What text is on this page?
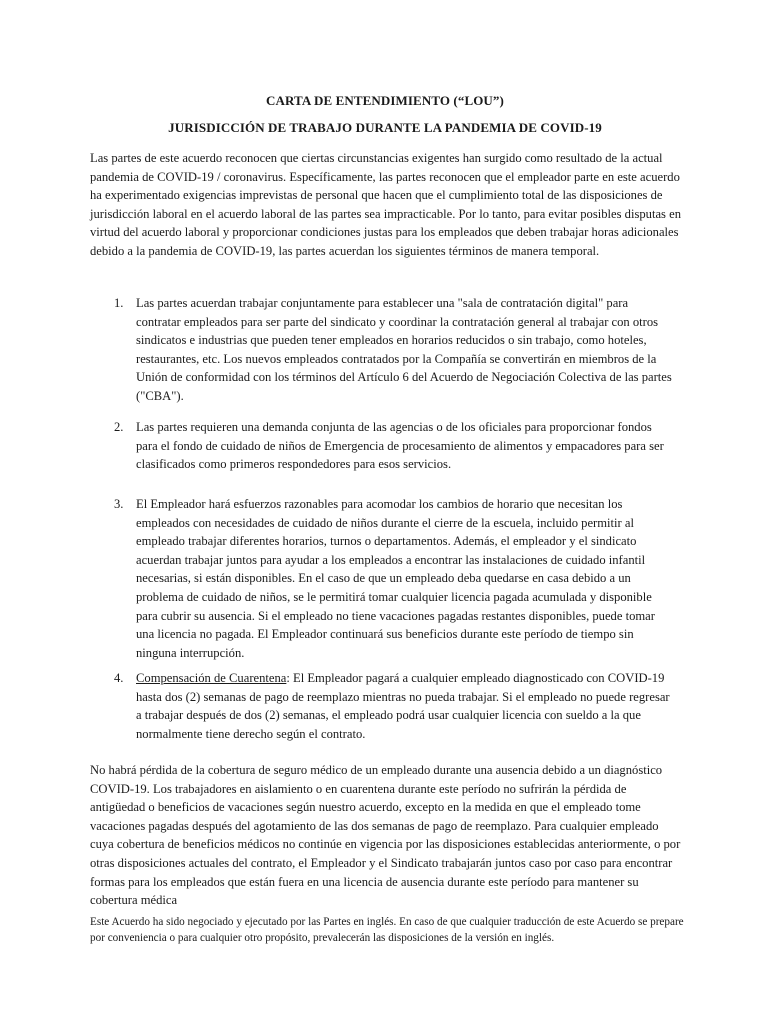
CARTA DE ENTENDIMIENTO (“LOU”)
JURISDICCIÓN DE TRABAJO DURANTE LA PANDEMIA DE COVID-19

Las partes de este acuerdo reconocen que ciertas circunstancias exigentes han surgido como resultado de la actual pandemia de COVID-19 / coronavirus. Específicamente, las partes reconocen que el empleador parte en este acuerdo ha experimentado exigencias imprevistas de personal que hacen que el cumplimiento total de las disposiciones de jurisdicción laboral en el acuerdo laboral de las partes sea impracticable. Por lo tanto, para evitar posibles disputas en virtud del acuerdo laboral y proporcionar condiciones justas para los empleados que deben trabajar horas adicionales debido a la pandemia de COVID-19, las partes acuerdan los siguientes términos de manera temporal.

1. Las partes acuerdan trabajar conjuntamente para establecer una "sala de contratación digital" para contratar empleados para ser parte del sindicato y coordinar la contratación general al trabajar con otros sindicatos e industrias que pueden tener empleados en horarios reducidos o sin trabajo, como hoteles, restaurantes, etc. Los nuevos empleados contratados por la Compañía se convertirán en miembros de la Unión de conformidad con los términos del Artículo 6 del Acuerdo de Negociación Colectiva de las partes ("CBA").
2. Las partes requieren una demanda conjunta de las agencias o de los oficiales para proporcionar fondos para el fondo de cuidado de niños de Emergencia de procesamiento de alimentos y empacadores para ser clasificados como primeros respondedores para esos servicios.
3. El Empleador hará esfuerzos razonables para acomodar los cambios de horario que necesitan los empleados con necesidades de cuidado de niños durante el cierre de la escuela, incluido permitir al empleado trabajar diferentes horarios, turnos o departamentos. Además, el empleador y el sindicato acuerdan trabajar juntos para ayudar a los empleados a encontrar las instalaciones de cuidado infantil necesarias, si están disponibles. En el caso de que un empleado deba quedarse en casa debido a un problema de cuidado de niños, se le permitirá tomar cualquier licencia pagada acumulada y disponible para cubrir su ausencia. Si el empleado no tiene vacaciones pagadas restantes disponibles, puede tomar una licencia no pagada. El Empleador continuará sus beneficios durante este período de tiempo sin ninguna interrupción.
4. Compensación de Cuarentena: El Empleador pagará a cualquier empleado diagnosticado con COVID-19 hasta dos (2) semanas de pago de reemplazo mientras no pueda trabajar. Si el empleado no puede regresar a trabajar después de dos (2) semanas, el empleado podrá usar cualquier licencia con sueldo a la que normalmente tiene derecho según el contrato.

No habrá pérdida de la cobertura de seguro médico de un empleado durante una ausencia debido a un diagnóstico COVID-19. Los trabajadores en aislamiento o en cuarentena durante este período no sufrirán la pérdida de antigüedad o beneficios de vacaciones según nuestro acuerdo, excepto en la medida en que el empleado tome vacaciones pagadas después del agotamiento de las dos semanas de pago de reemplazo. Para cualquier empleado cuya cobertura de beneficios médicos no continúe en vigencia por las disposiciones establecidas anteriormente, o por otras disposiciones actuales del contrato, el Empleador y el Sindicato trabajarán juntos caso por caso para encontrar formas para los empleados que están fuera en una licencia de ausencia durante este período para mantener su cobertura médica

Este Acuerdo ha sido negociado y ejecutado por las Partes en inglés. En caso de que cualquier traducción de este Acuerdo se prepare por conveniencia o para cualquier otro propósito, prevalecerán las disposiciones de la versión en inglés.
